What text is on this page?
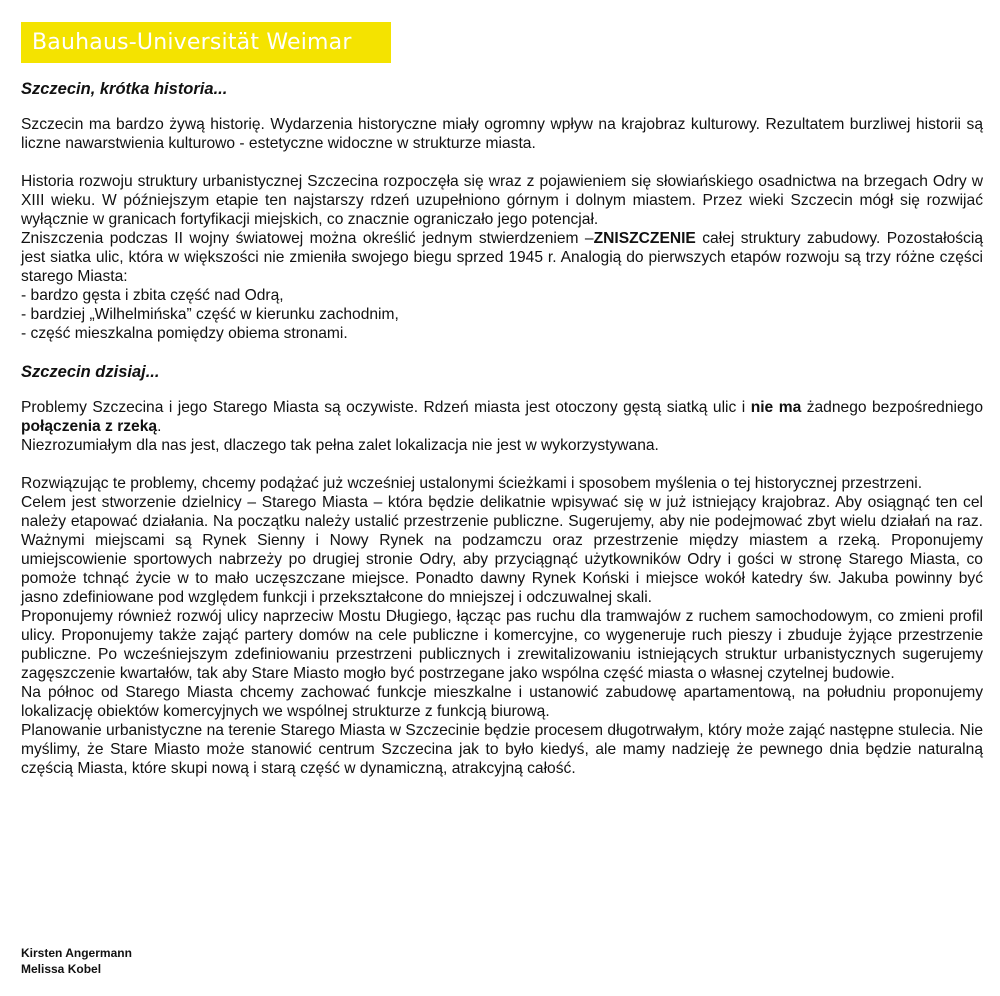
Bauhaus-Universität Weimar
Szczecin, krótka historia...

Szczecin ma bardzo żywą historię. Wydarzenia historyczne miały ogromny wpływ na krajobraz kulturowy. Rezultatem burzliwej historii są liczne nawarstwienia kulturowo - estetyczne widoczne w strukturze miasta.

Historia rozwoju struktury urbanistycznej Szczecina rozpoczęła się wraz z pojawieniem się słowiańskiego osadnictwa na brzegach Odry w XIII wieku. W późniejszym etapie ten najstarszy rdzeń uzupełniono górnym i dolnym miastem. Przez wieki Szczecin mógł się rozwijać wyłącznie w granicach fortyfikacji miejskich, co znacznie ograniczało jego potencjał.

Zniszczenia podczas II wojny światowej można określić jednym stwierdzeniem –ZNISZCZENIE całej struktury zabudowy. Pozostałością jest siatka ulic, która w większości nie zmieniła swojego biegu sprzed 1945 r. Analogią do pierwszych etapów rozwoju są trzy różne części starego Miasta:

- bardzo gęsta i zbita część nad Odrą,
- bardziej „Wilhelmińska” część w kierunku zachodnim,
- część mieszkalna pomiędzy obiema stronami.
Szczecin dzisiaj...

Problemy Szczecina i jego Starego Miasta są oczywiste. Rdzeń miasta jest otoczony gęstą siatką ulic i nie ma żadnego bezpośredniego połączenia z rzeką.

Niezrozumiałym dla nas jest, dlaczego tak pełna zalet lokalizacja nie jest w wykorzystywana.

Rozwiązując te problemy, chcemy podążać już wcześniej ustalonymi ścieżkami i sposobem myślenia o tej historycznej przestrzeni.

Celem jest stworzenie dzielnicy – Starego Miasta – która będzie delikatnie wpisywać się w już istniejący krajobraz. Aby osiągnąć ten cel należy etapować działania. Na początku należy ustalić przestrzenie publiczne. Sugerujemy, aby nie podejmować zbyt wielu działań na raz. Ważnymi miejscami są Rynek Sienny i Nowy Rynek na podzamczu oraz przestrzenie między miastem a rzeką. Proponujemy umiejscowienie sportowych nabrzeży po drugiej stronie Odry, aby przyciągnąć użytkowników Odry i gości w stronę Starego Miasta, co pomoże tchnąć życie w to mało uczęszczane miejsce. Ponadto dawny Rynek Koński i miejsce wokół katedry św. Jakuba powinny być jasno zdefiniowane pod względem funkcji i przekształcone do mniejszej i odczuwalnej skali.

Proponujemy również rozwój ulicy naprzeciw Mostu Długiego, łącząc pas ruchu dla tramwajów z ruchem samochodowym, co zmieni profil ulicy. Proponujemy także zająć partery domów na cele publiczne i komercyjne, co wygeneruje ruch pieszy i zbuduje żyjące przestrzenie publiczne. Po wcześniejszym zdefiniowaniu przestrzeni publicznych i zrewitalizowaniu istniejących struktur urbanistycznych sugerujemy zagęszczenie kwartałów, tak aby Stare Miasto mogło być postrzegane jako wspólna część miasta o własnej czytelnej budowie.

Na północ od Starego Miasta chcemy zachować funkcje mieszkalne i ustanowić zabudowę apartamentową, na południu proponujemy lokalizację obiektów komercyjnych we wspólnej strukturze z funkcją biurową.

Planowanie urbanistyczne na terenie Starego Miasta w Szczecinie będzie procesem długotrwałym, który może zająć następne stulecia. Nie myślimy, że Stare Miasto może stanowić centrum Szczecina jak to było kiedyś, ale mamy nadzieję że pewnego dnia będzie naturalną częścią Miasta, które skupi nową i starą część w dynamiczną, atrakcyjną całość.

Kirsten Angermann
Melissa Kobel
